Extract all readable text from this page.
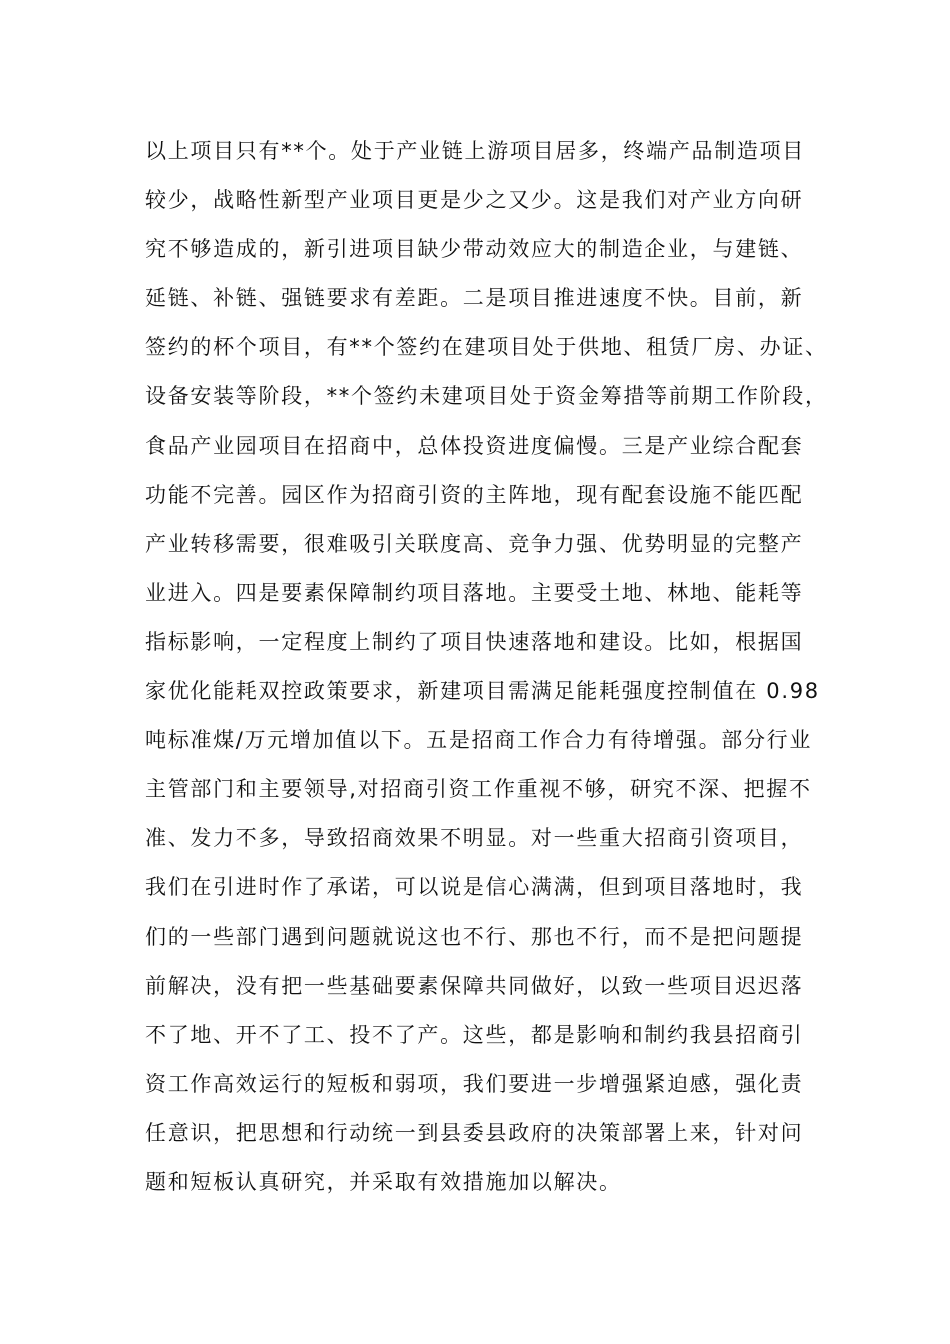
以上项目只有**个。处于产业链上游项目居多，终端产品制造项目
较少，战略性新型产业项目更是少之又少。这是我们对产业方向研
究不够造成的，新引进项目缺少带动效应大的制造企业，与建链、
延链、补链、强链要求有差距。二是项目推进速度不快。目前，新
签约的杯个项目，有**个签约在建项目处于供地、租赁厂房、办证、
设备安装等阶段，**个签约未建项目处于资金筹措等前期工作阶段，
食品产业园项目在招商中，总体投资进度偏慢。三是产业综合配套
功能不完善。园区作为招商引资的主阵地，现有配套设施不能匹配
产业转移需要，很难吸引关联度高、竞争力强、优势明显的完整产
业进入。四是要素保障制约项目落地。主要受土地、林地、能耗等
指标影响，一定程度上制约了项目快速落地和建设。比如，根据国
家优化能耗双控政策要求，新建项目需满足能耗强度控制值在 0.98
吨标准煤/万元增加值以下。五是招商工作合力有待增强。部分行业
主管部门和主要领导,对招商引资工作重视不够，研究不深、把握不
准、发力不多，导致招商效果不明显。对一些重大招商引资项目，
我们在引进时作了承诺，可以说是信心满满，但到项目落地时，我
们的一些部门遇到问题就说这也不行、那也不行，而不是把问题提
前解决，没有把一些基础要素保障共同做好，以致一些项目迟迟落
不了地、开不了工、投不了产。这些，都是影响和制约我县招商引
资工作高效运行的短板和弱项，我们要进一步增强紧迫感，强化责
任意识，把思想和行动统一到县委县政府的决策部署上来，针对问
题和短板认真研究，并采取有效措施加以解决。
